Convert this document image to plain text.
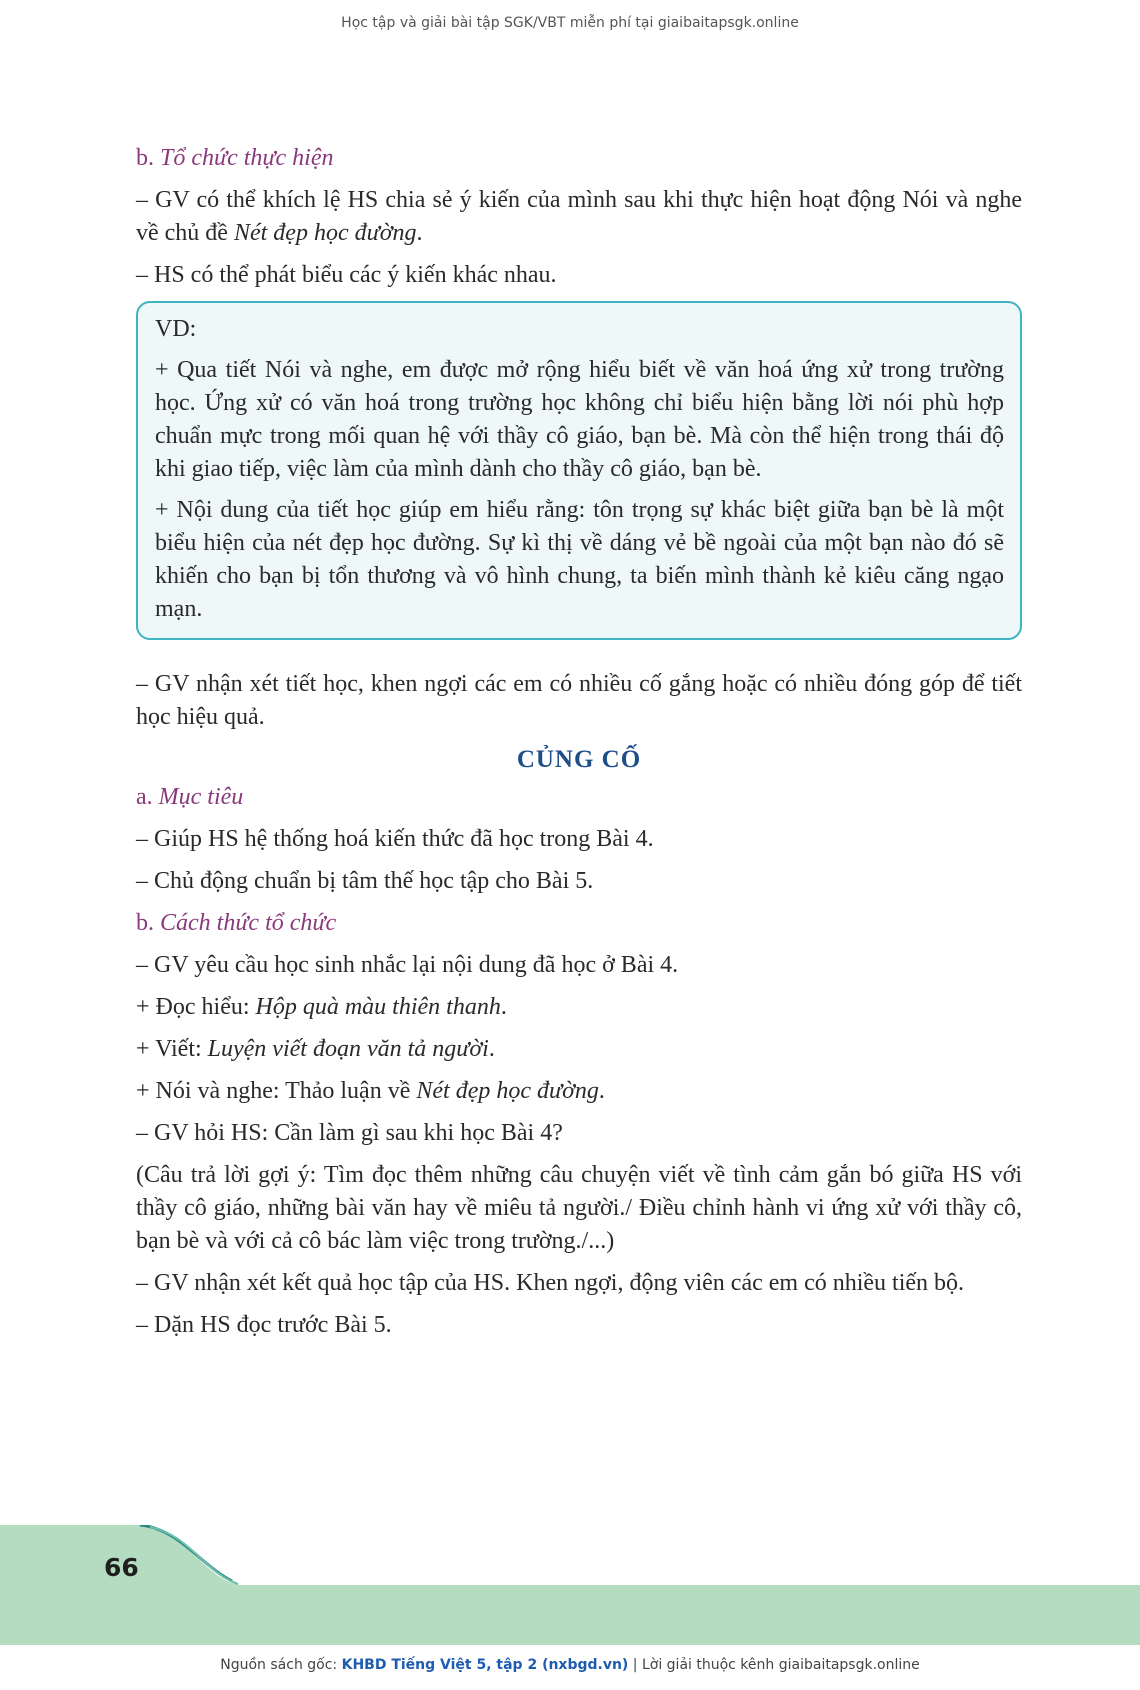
Học tập và giải bài tập SGK/VBT miễn phí tại giaibaitapsgk.online

b. Tổ chức thực hiện

– GV có thể khích lệ HS chia sẻ ý kiến của mình sau khi thực hiện hoạt động Nói và nghe về chủ đề Nét đẹp học đường.

– HS có thể phát biểu các ý kiến khác nhau.

VD:

+ Qua tiết Nói và nghe, em được mở rộng hiểu biết về văn hoá ứng xử trong trường học. Ứng xử có văn hoá trong trường học không chỉ biểu hiện bằng lời nói phù hợp chuẩn mực trong mối quan hệ với thầy cô giáo, bạn bè. Mà còn thể hiện trong thái độ khi giao tiếp, việc làm của mình dành cho thầy cô giáo, bạn bè.

+ Nội dung của tiết học giúp em hiểu rằng: tôn trọng sự khác biệt giữa bạn bè là một biểu hiện của nét đẹp học đường. Sự kì thị về dáng vẻ bề ngoài của một bạn nào đó sẽ khiến cho bạn bị tổn thương và vô hình chung, ta biến mình thành kẻ kiêu căng ngạo mạn.

– GV nhận xét tiết học, khen ngợi các em có nhiều cố gắng hoặc có nhiều đóng góp để tiết học hiệu quả.

CỦNG CỐ

a. Mục tiêu

– Giúp HS hệ thống hoá kiến thức đã học trong Bài 4.

– Chủ động chuẩn bị tâm thế học tập cho Bài 5.

b. Cách thức tổ chức

– GV yêu cầu học sinh nhắc lại nội dung đã học ở Bài 4.

+ Đọc hiểu: Hộp quà màu thiên thanh.

+ Viết: Luyện viết đoạn văn tả người.

+ Nói và nghe: Thảo luận về Nét đẹp học đường.

– GV hỏi HS: Cần làm gì sau khi học Bài 4?

(Câu trả lời gợi ý: Tìm đọc thêm những câu chuyện viết về tình cảm gắn bó giữa HS với thầy cô giáo, những bài văn hay về miêu tả người./ Điều chỉnh hành vi ứng xử với thầy cô, bạn bè và với cả cô bác làm việc trong trường./...)

– GV nhận xét kết quả học tập của HS. Khen ngợi, động viên các em có nhiều tiến bộ.

– Dặn HS đọc trước Bài 5.

66
Nguồn sách gốc: KHBD Tiếng Việt 5, tập 2 (nxbgd.vn) | Lời giải thuộc kênh giaibaitapsgk.online
